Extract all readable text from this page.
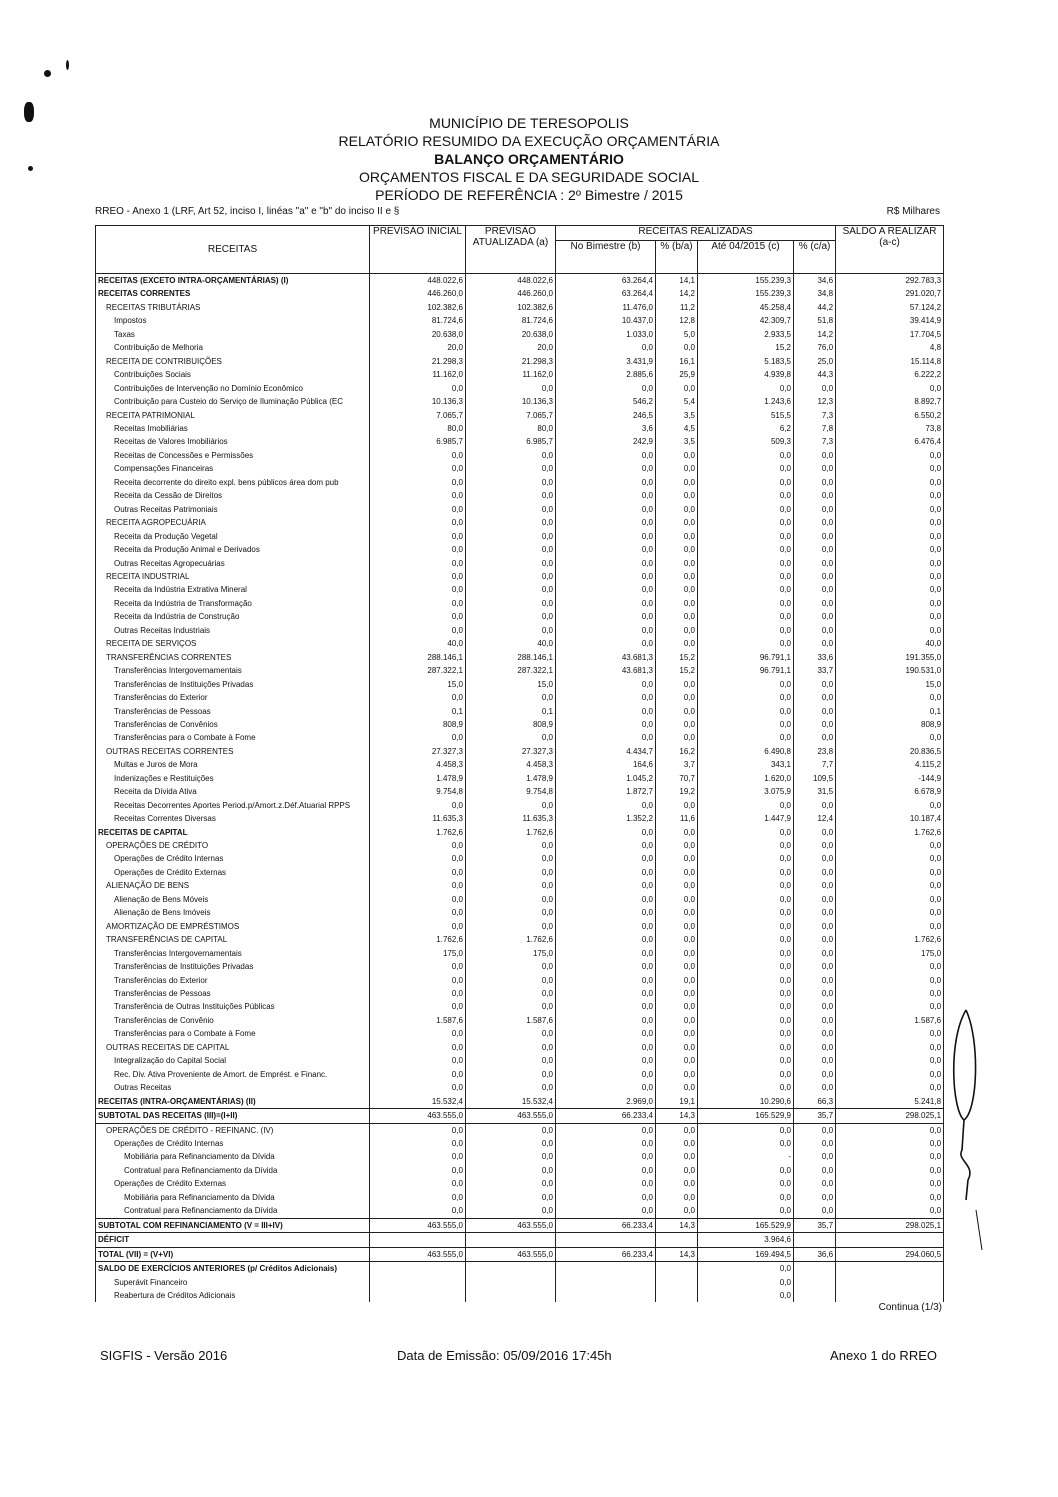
MUNICÍPIO DE TERESOPOLIS
RELATÓRIO RESUMIDO DA EXECUÇÃO ORÇAMENTÁRIA
BALANÇO ORÇAMENTÁRIO
ORÇAMENTOS FISCAL E DA SEGURIDADE SOCIAL
PERÍODO DE REFERÊNCIA : 2º Bimestre / 2015
RREO - Anexo 1 (LRF, Art 52, inciso I, linéas "a" e "b" do inciso II e §	R$ Milhares
RECEITAS	PREVISÃO INICIAL	PREVISÃO ATUALIZADA (a)	RECEITAS REALIZADAS				SALDO A REALIZAR (a-c)
			No Bimestre (b)	% (b/a)	Até 04/2015 (c)	% (c/a)	
RECEITAS (EXCETO INTRA-ORÇAMENTÁRIAS) (I)	448.022,6	448.022,6	63.264,4	14,1	155.239,3	34,6	292.783,3
RECEITAS CORRENTES	446.260,0	446.260,0	63.264,4	14,2	155.239,3	34,8	291.020,7
RECEITAS TRIBUTÁRIAS	102.382,6	102.382,6	11.476,0	11,2	45.258,4	44,2	57.124,2
Impostos	81.724,6	81.724,6	10.437,0	12,8	42.309,7	51,8	39.414,9
Taxas	20.638,0	20.638,0	1.033,0	5,0	2.933,5	14,2	17.704,5
Contribuição de Melhoria	20,0	20,0	0,0	0,0	15,2	76,0	4,8
RECEITA DE CONTRIBUIÇÕES	21.298,3	21.298,3	3.431,9	16,1	5.183,5	25,0	15.114,8
Contribuições Sociais	11.162,0	11.162,0	2.885,6	25,9	4.939,8	44,3	6.222,2
Contribuições de Intervenção no Domínio Econômico	0,0	0,0	0,0	0,0	0,0	0,0	0,0
Contribuição para Custeio do Serviço de Iluminação Pública (EC	10.136,3	10.136,3	546,2	5,4	1.243,6	12,3	8.892,7
RECEITA PATRIMONIAL	7.065,7	7.065,7	246,5	3,5	515,5	7,3	6.550,2
Receitas Imobiliárias	80,0	80,0	3,6	4,5	6,2	7,8	73,8
Receitas de Valores Imobiliários	6.985,7	6.985,7	242,9	3,5	509,3	7,3	6.476,4
Receitas de Concessões e Permissões	0,0	0,0	0,0	0,0	0,0	0,0	0,0
Compensações Financeiras	0,0	0,0	0,0	0,0	0,0	0,0	0,0
Receita decorrente do direito expl. bens públicos área dom pub	0,0	0,0	0,0	0,0	0,0	0,0	0,0
Receita da Cessão de Direitos	0,0	0,0	0,0	0,0	0,0	0,0	0,0
Outras Receitas Patrimoniais	0,0	0,0	0,0	0,0	0,0	0,0	0,0
RECEITA AGROPECUÁRIA	0,0	0,0	0,0	0,0	0,0	0,0	0,0
Receita da Produção Vegetal	0,0	0,0	0,0	0,0	0,0	0,0	0,0
Receita da Produção Animal e Derivados	0,0	0,0	0,0	0,0	0,0	0,0	0,0
Outras Receitas Agropecuárias	0,0	0,0	0,0	0,0	0,0	0,0	0,0
RECEITA INDUSTRIAL	0,0	0,0	0,0	0,0	0,0	0,0	0,0
Receita da Indústria Extrativa Mineral	0,0	0,0	0,0	0,0	0,0	0,0	0,0
Receita da Indústria de Transformação	0,0	0,0	0,0	0,0	0,0	0,0	0,0
Receita da Indústria de Construção	0,0	0,0	0,0	0,0	0,0	0,0	0,0
Outras Receitas Industriais	0,0	0,0	0,0	0,0	0,0	0,0	0,0
RECEITA DE SERVIÇOS	40,0	40,0	0,0	0,0	0,0	0,0	40,0
TRANSFERÊNCIAS CORRENTES	288.146,1	288.146,1	43.681,3	15,2	96.791,1	33,6	191.355,0
Transferências Intergovernamentais	287.322,1	287.322,1	43.681,3	15,2	96.791,1	33,7	190.531,0
Transferências de Instituições Privadas	15,0	15,0	0,0	0,0	0,0	0,0	15,0
Transferências do Exterior	0,0	0,0	0,0	0,0	0,0	0,0	0,0
Transferências de Pessoas	0,1	0,1	0,0	0,0	0,0	0,0	0,1
Transferências de Convênios	808,9	808,9	0,0	0,0	0,0	0,0	808,9
Transferências para o Combate à Fome	0,0	0,0	0,0	0,0	0,0	0,0	0,0
OUTRAS RECEITAS CORRENTES	27.327,3	27.327,3	4.434,7	16,2	6.490,8	23,8	20.836,5
Multas e Juros de Mora	4.458,3	4.458,3	164,6	3,7	343,1	7,7	4.115,2
Indenizações e Restituições	1.478,9	1.478,9	1.045,2	70,7	1.620,0	109,5	-144,9
Receita da Dívida Ativa	9.754,8	9.754,8	1.872,7	19,2	3.075,9	31,5	6.678,9
Receitas Decorrentes Aportes Period.p/Amort.z.Déf.Atuarial RPPS	0,0	0,0	0,0	0,0	0,0	0,0	0,0
Receitas Correntes Diversas	11.635,3	11.635,3	1.352,2	11,6	1.447,9	12,4	10.187,4
RECEITAS DE CAPITAL	1.762,6	1.762,6	0,0	0,0	0,0	0,0	1.762,6
OPERAÇÕES DE CRÉDITO	0,0	0,0	0,0	0,0	0,0	0,0	0,0
Operações de Crédito Internas	0,0	0,0	0,0	0,0	0,0	0,0	0,0
Operações de Crédito Externas	0,0	0,0	0,0	0,0	0,0	0,0	0,0
ALIENAÇÃO DE BENS	0,0	0,0	0,0	0,0	0,0	0,0	0,0
Alienação de Bens Móveis	0,0	0,0	0,0	0,0	0,0	0,0	0,0
Alienação de Bens Imóveis	0,0	0,0	0,0	0,0	0,0	0,0	0,0
AMORTIZAÇÃO DE EMPRÉSTIMOS	0,0	0,0	0,0	0,0	0,0	0,0	0,0
TRANSFERÊNCIAS DE CAPITAL	1.762,6	1.762,6	0,0	0,0	0,0	0,0	1.762,6
Transferências Intergovernamentais	175,0	175,0	0,0	0,0	0,0	0,0	175,0
Transferências de Instituições Privadas	0,0	0,0	0,0	0,0	0,0	0,0	0,0
Transferências do Exterior	0,0	0,0	0,0	0,0	0,0	0,0	0,0
Transferências de Pessoas	0,0	0,0	0,0	0,0	0,0	0,0	0,0
Transferência de Outras Instituições Públicas	0,0	0,0	0,0	0,0	0,0	0,0	0,0
Transferências de Convênio	1.587,6	1.587,6	0,0	0,0	0,0	0,0	1.587,6
Transferências para o Combate à Fome	0,0	0,0	0,0	0,0	0,0	0,0	0,0
OUTRAS RECEITAS DE CAPITAL	0,0	0,0	0,0	0,0	0,0	0,0	0,0
Integralização do Capital Social	0,0	0,0	0,0	0,0	0,0	0,0	0,0
Rec. Div. Ativa Proveniente de Amort. de Emprést. e Financ.	0,0	0,0	0,0	0,0	0,0	0,0	0,0
Outras Receitas	0,0	0,0	0,0	0,0	0,0	0,0	0,0
RECEITAS (INTRA-ORÇAMENTÁRIAS) (II)	15.532,4	15.532,4	2.969,0	19,1	10.290,6	66,3	5.241,8
SUBTOTAL DAS RECEITAS (III)=(I+II)	463.555,0	463.555,0	66.233,4	14,3	165.529,9	35,7	298.025,1
OPERAÇÕES DE CRÉDITO - REFINANC. (IV)	0,0	0,0	0,0	0,0	0,0	0,0	0,0
Operações de Crédito Internas	0,0	0,0	0,0	0,0	0,0	0,0	0,0
Mobiliária para Refinanciamento da Dívida	0,0	0,0	0,0	0,0	-	0,0	0,0
Contratual para Refinanciamento da Dívida	0,0	0,0	0,0	0,0	0,0	0,0	0,0
Operações de Crédito Externas	0,0	0,0	0,0	0,0	0,0	0,0	0,0
Mobiliária para Refinanciamento da Dívida	0,0	0,0	0,0	0,0	0,0	0,0	0,0
Contratual para Refinanciamento da Dívida	0,0	0,0	0,0	0,0	0,0	0,0	0,0
SUBTOTAL COM REFINANCIAMENTO (V = III+IV)	463.555,0	463.555,0	66.233,4	14,3	165.529,9	35,7	298.025,1
DÉFICIT					3.964,6		
TOTAL (VII) = (V+VI)	463.555,0	463.555,0	66.233,4	14,3	169.494,5	36,6	294.060,5
SALDO DE EXERCÍCIOS ANTERIORES (p/ Créditos Adicionais)					0,0		
Superávit Financeiro					0,0		
Reabertura de Créditos Adicionais					0,0		
Continua (1/3)
SIGFIS - Versão 2016	Data de Emissão: 05/09/2016 17:45h	Anexo 1 do RREO
